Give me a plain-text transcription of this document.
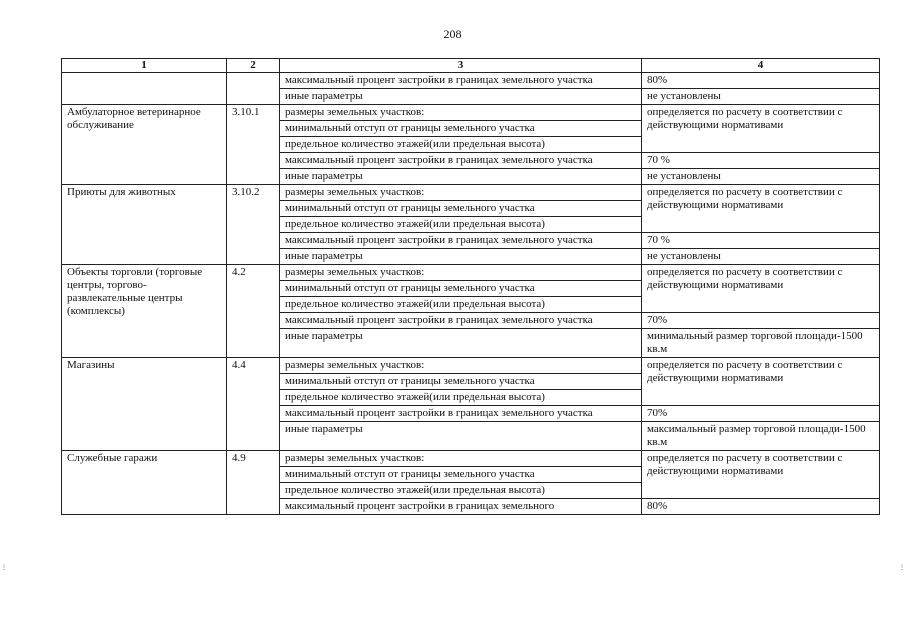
208
1	2	3	4
		максимальный процент застройки в границах земельного участка	80%
		иные параметры	не установлены
Амбулаторное ветеринарное обслуживание	3.10.1	размеры земельных участков:	определяется по расчету в соответствии с действующими нормативами
		минимальный отступ от границы земельного участка	
		предельное количество этажей(или предельная высота)	
		максимальный процент застройки в границах земельного участка	70 %
		иные параметры	не установлены
Приюты для животных	3.10.2	размеры земельных участков:	определяется по расчету в соответствии с действующими нормативами
		минимальный отступ от границы земельного участка	
		предельное количество этажей(или предельная высота)	
		максимальный процент застройки в границах земельного участка	70 %
		иные параметры	не установлены
Объекты торговли (торговые центры, торгово-развлекательные центры (комплексы)	4.2	размеры земельных участков:	определяется по расчету в соответствии с действующими нормативами
		минимальный отступ от границы земельного участка	
		предельное количество этажей(или предельная высота)	
		максимальный процент застройки в границах земельного участка	70%
		иные параметры	минимальный размер торговой площади-1500 кв.м
Магазины	4.4	размеры земельных участков:	определяется по расчету в соответствии с действующими нормативами
		минимальный отступ от границы земельного участка	
		предельное количество этажей(или предельная высота)	
		максимальный процент застройки в границах земельного участка	70%
		иные параметры	максимальный размер торговой площади-1500 кв.м
Служебные гаражи	4.9	размеры земельных участков:	определяется по расчету в соответствии с действующими нормативами
		минимальный отступ от границы земельного участка	
		предельное количество этажей(или предельная высота)	
		максимальный процент застройки в границах земельного	80%
⋮	⋮
